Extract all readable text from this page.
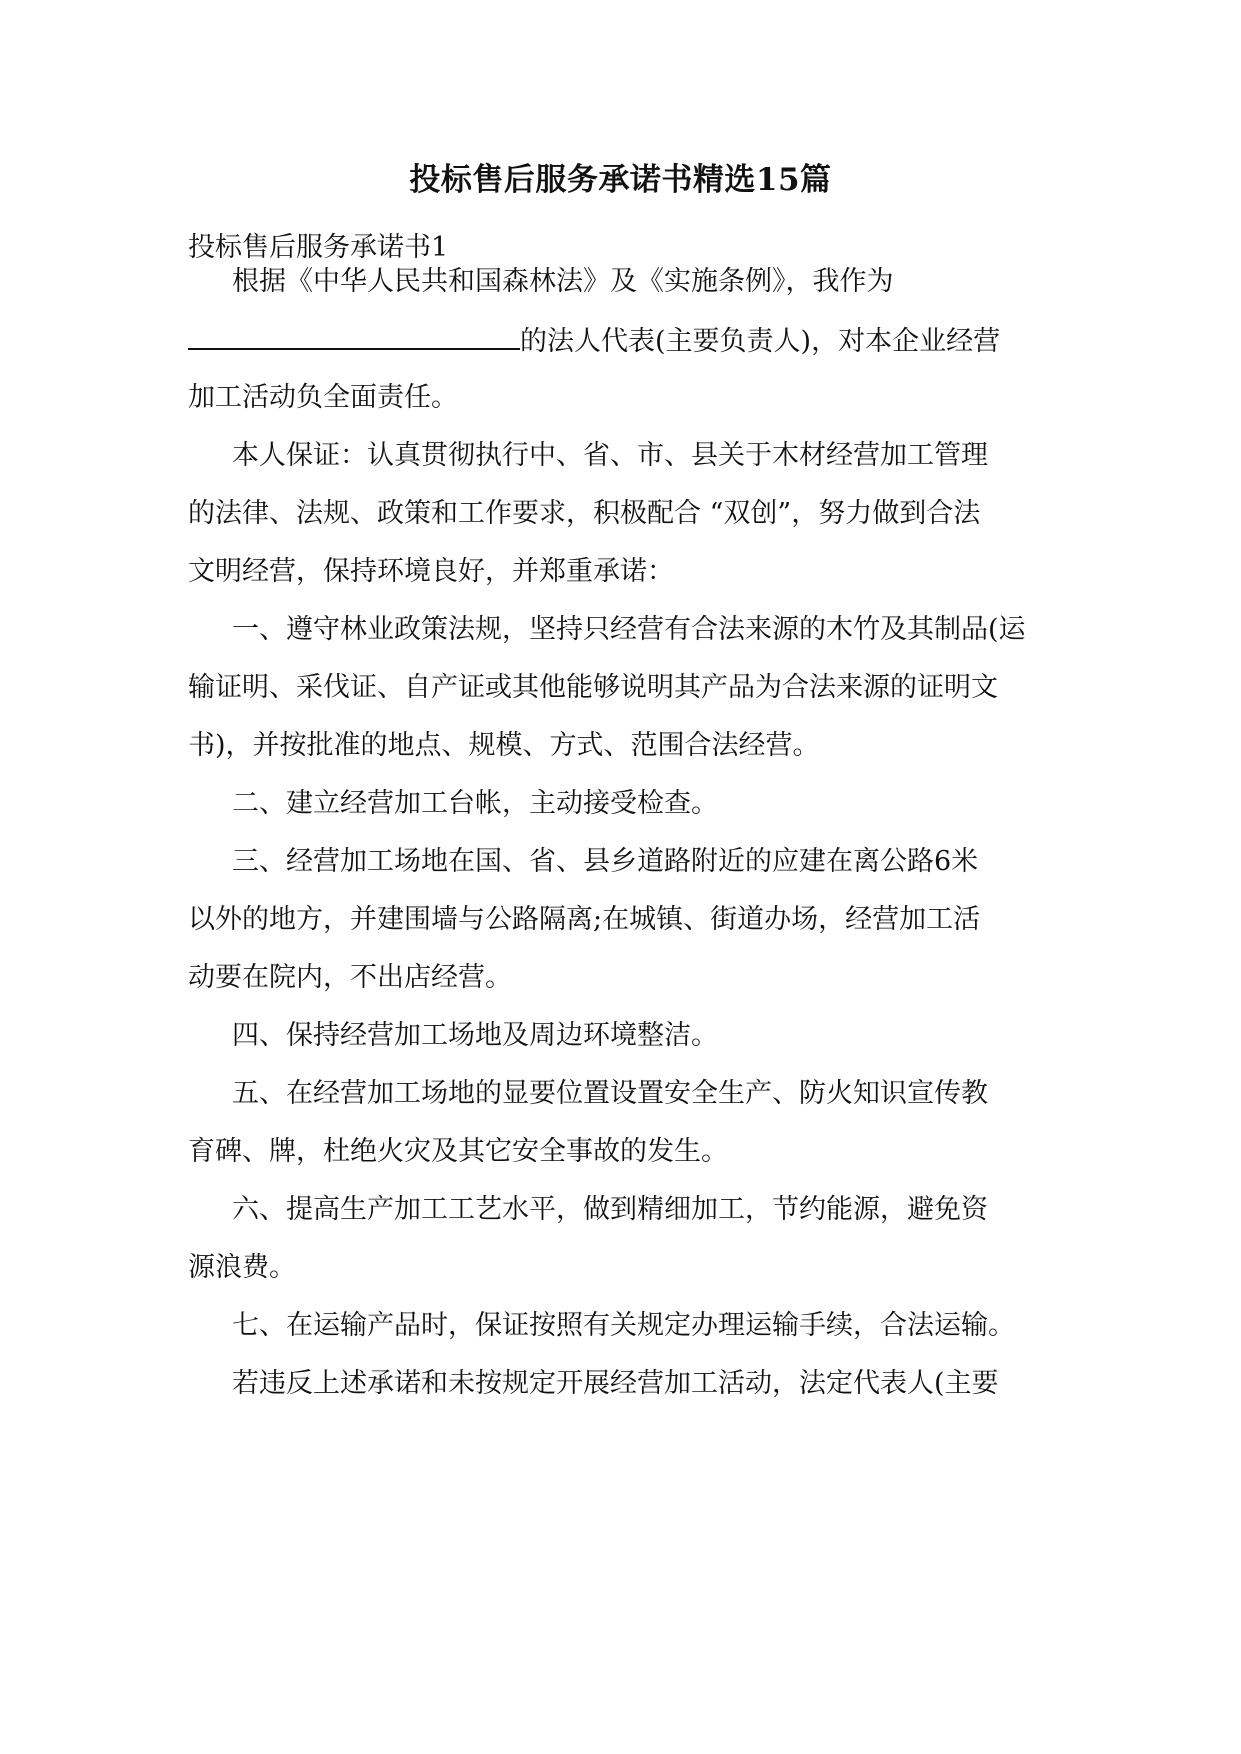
投标售后服务承诺书精选15篇
投标售后服务承诺书1
根据《中华人民共和国森林法》及《实施条例》，我作为
的法人代表(主要负责人)，对本企业经营
加工活动负全面责任。
本人保证：认真贯彻执行中、省、市、县关于木材经营加工管理
的法律、法规、政策和工作要求，积极配合 “双创”，努力做到合法
文明经营，保持环境良好，并郑重承诺：
一、遵守林业政策法规，坚持只经营有合法来源的木竹及其制品(运
输证明、采伐证、自产证或其他能够说明其产品为合法来源的证明文
书)，并按批准的地点、规模、方式、范围合法经营。
二、建立经营加工台帐，主动接受检查。
三、经营加工场地在国、省、县乡道路附近的应建在离公路6米
以外的地方，并建围墙与公路隔离;在城镇、街道办场，经营加工活
动要在院内，不出店经营。
四、保持经营加工场地及周边环境整洁。
五、在经营加工场地的显要位置设置安全生产、防火知识宣传教
育碑、牌，杜绝火灾及其它安全事故的发生。
六、提高生产加工工艺水平，做到精细加工，节约能源，避免资
源浪费。
七、在运输产品时，保证按照有关规定办理运输手续，合法运输。
若违反上述承诺和未按规定开展经营加工活动，法定代表人(主要
